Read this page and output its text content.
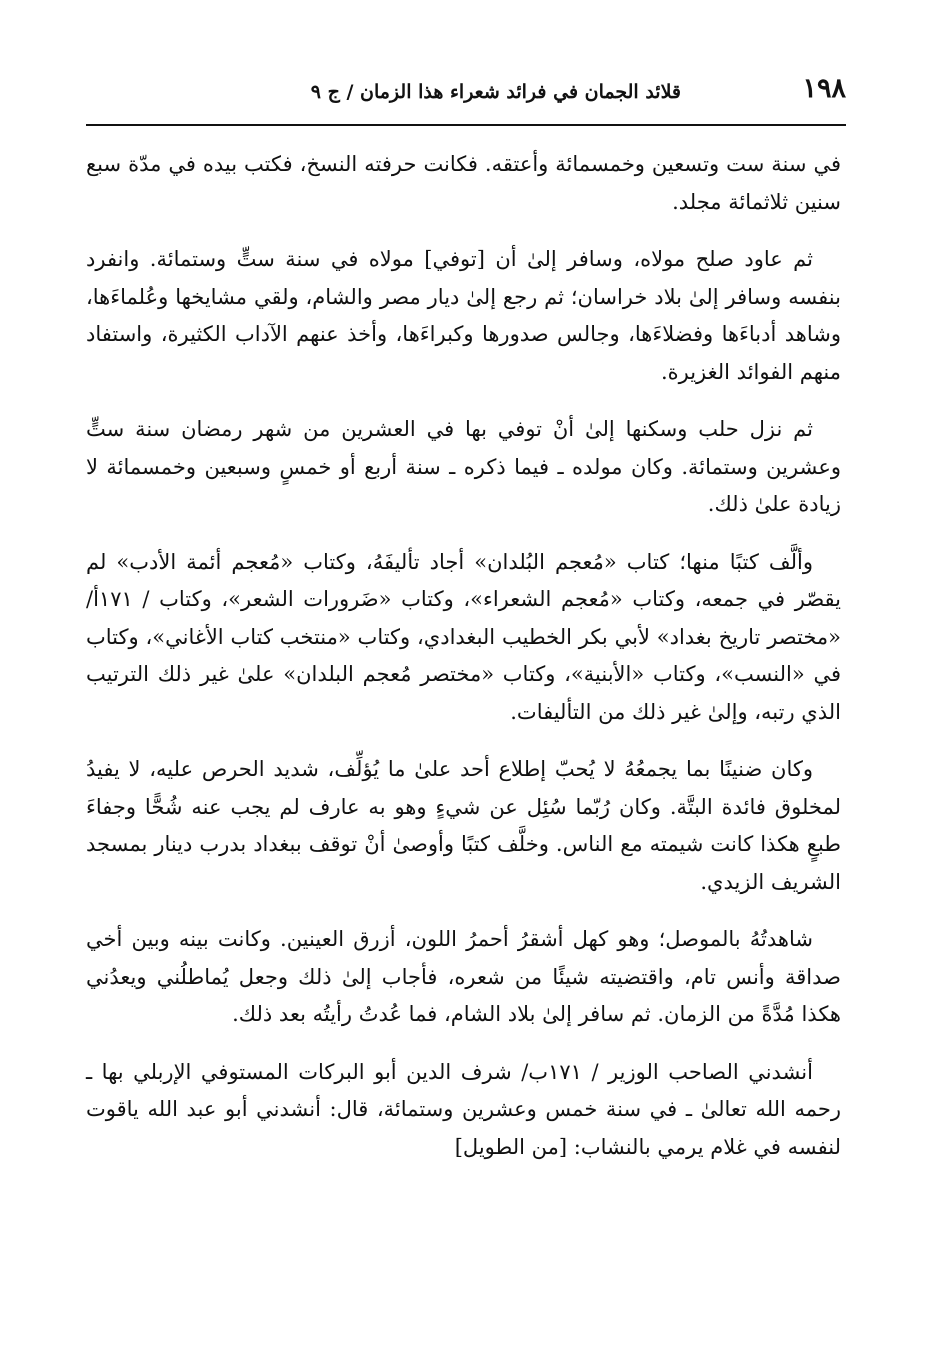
١٩٨
قلائد الجمان في فرائد شعراء هذا الزمان / ج ٩

في سنة ست وتسعين وخمسمائة وأعتقه. فكانت حرفته النسخ، فكتب بيده في مدّة سبع سنين ثلاثمائة مجلد.

ثم عاود صلح مولاه، وسافر إلىٰ أن [توفي] مولاه في سنة ستٍّ وستمائة. وانفرد بنفسه وسافر إلىٰ بلاد خراسان؛ ثم رجع إلىٰ ديار مصر والشام، ولقي مشايخها وعُلماءَها، وشاهد أدباءَها وفضلاءَها، وجالس صدورها وكبراءَها، وأخذ عنهم الآداب الكثيرة، واستفاد منهم الفوائد الغزيرة.

ثم نزل حلب وسكنها إلىٰ أنْ توفي بها في العشرين من شهر رمضان سنة ستٍّ وعشرين وستمائة. وكان مولده ـ فيما ذكره ـ سنة أربع أو خمسٍ وسبعين وخمسمائة لا زيادة علىٰ ذلك.

وألَّف كتبًا منها؛ كتاب «مُعجم البُلدان» أجاد تأليفَهُ، وكتاب «مُعجم أئمة الأدب» لم يقصّر في جمعه، وكتاب «مُعجم الشعراء»، وكتاب «ضَرورات الشعر»، وكتاب / ١٧١أ/ «مختصر تاريخ بغداد» لأبي بكر الخطيب البغدادي، وكتاب «منتخب كتاب الأغاني»، وكتاب في «النسب»، وكتاب «الأبنية»، وكتاب «مختصر مُعجم البلدان» علىٰ غير ذلك الترتيب الذي رتبه، وإلىٰ غير ذلك من التأليفات.

وكان ضنينًا بما يجمعُهُ لا يُحبّ إطلاع أحد علىٰ ما يُؤلِّف، شديد الحرص عليه، لا يفيدُ لمخلوق فائدة البتَّة. وكان رُبّما سُئِل عن شيءٍ وهو به عارف لم يجب عنه شُحًّا وجفاءَ طبعٍ هكذا كانت شيمته مع الناس. وخلَّف كتبًا وأوصىٰ أنْ توقف ببغداد بدرب دينار بمسجد الشريف الزيدي.

شاهدتُهُ بالموصل؛ وهو كهل أشقرُ أحمرُ اللون، أزرق العينين. وكانت بينه وبين أخي صداقة وأنس تام، واقتضيته شيئًا من شعره، فأجاب إلىٰ ذلك وجعل يُماطلُني ويعدُني هكذا مُدَّةً من الزمان. ثم سافر إلىٰ بلاد الشام، فما عُدتُ رأيتُه بعد ذلك.

أنشدني الصاحب الوزير / ١٧١ب/ شرف الدين أبو البركات المستوفي الإربلي بها ـ رحمه الله تعالىٰ ـ في سنة خمس وعشرين وستمائة، قال: أنشدني أبو عبد الله ياقوت لنفسه في غلام يرمي بالنشاب: [من الطويل]
